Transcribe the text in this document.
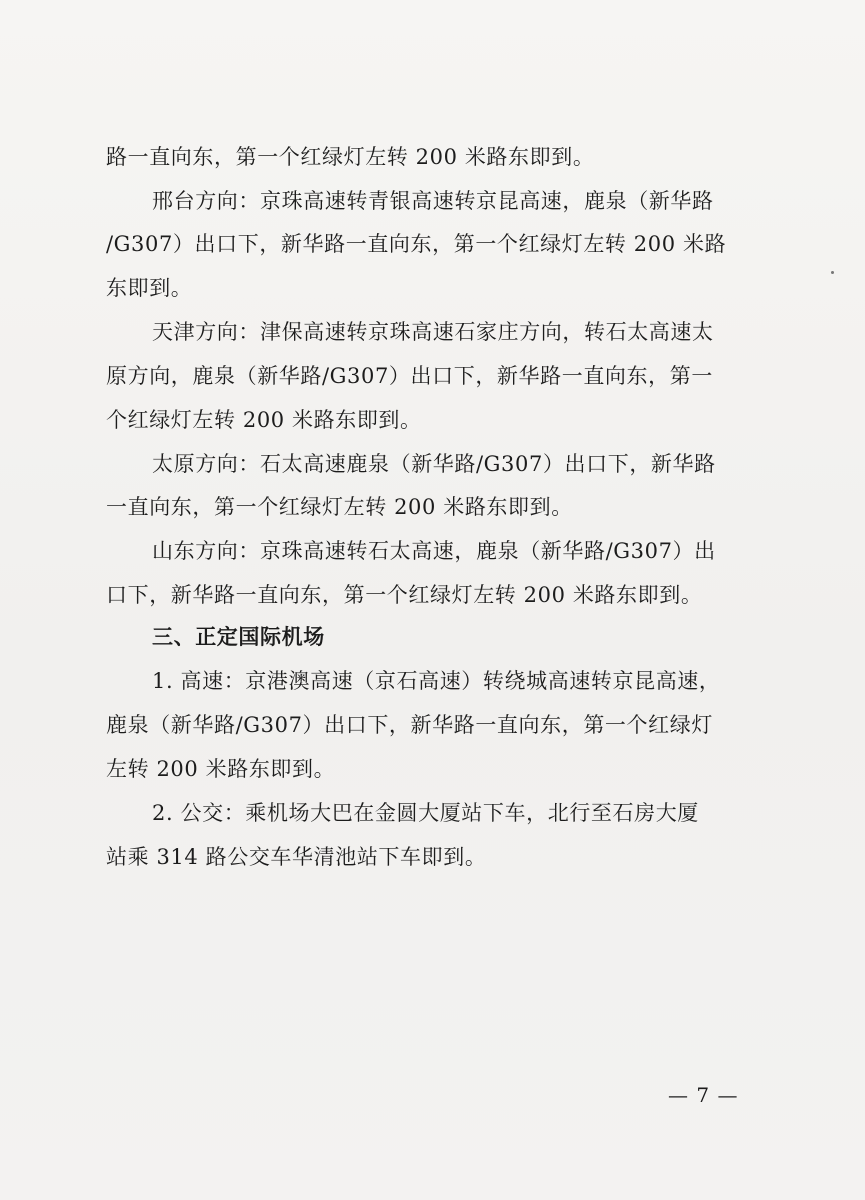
路一直向东，第一个红绿灯左转 200 米路东即到。
邢台方向：京珠高速转青银高速转京昆高速，鹿泉（新华路
/G307）出口下，新华路一直向东，第一个红绿灯左转 200 米路
东即到。
天津方向：津保高速转京珠高速石家庄方向，转石太高速太
原方向，鹿泉（新华路/G307）出口下，新华路一直向东，第一
个红绿灯左转 200 米路东即到。
太原方向：石太高速鹿泉（新华路/G307）出口下，新华路
一直向东，第一个红绿灯左转 200 米路东即到。
山东方向：京珠高速转石太高速，鹿泉（新华路/G307）出
口下，新华路一直向东，第一个红绿灯左转 200 米路东即到。
三、正定国际机场
1. 高速：京港澳高速（京石高速）转绕城高速转京昆高速，
鹿泉（新华路/G307）出口下，新华路一直向东，第一个红绿灯
左转 200 米路东即到。
2. 公交：乘机场大巴在金圆大厦站下车，北行至石房大厦
站乘 314 路公交车华清池站下车即到。
— 7 —
